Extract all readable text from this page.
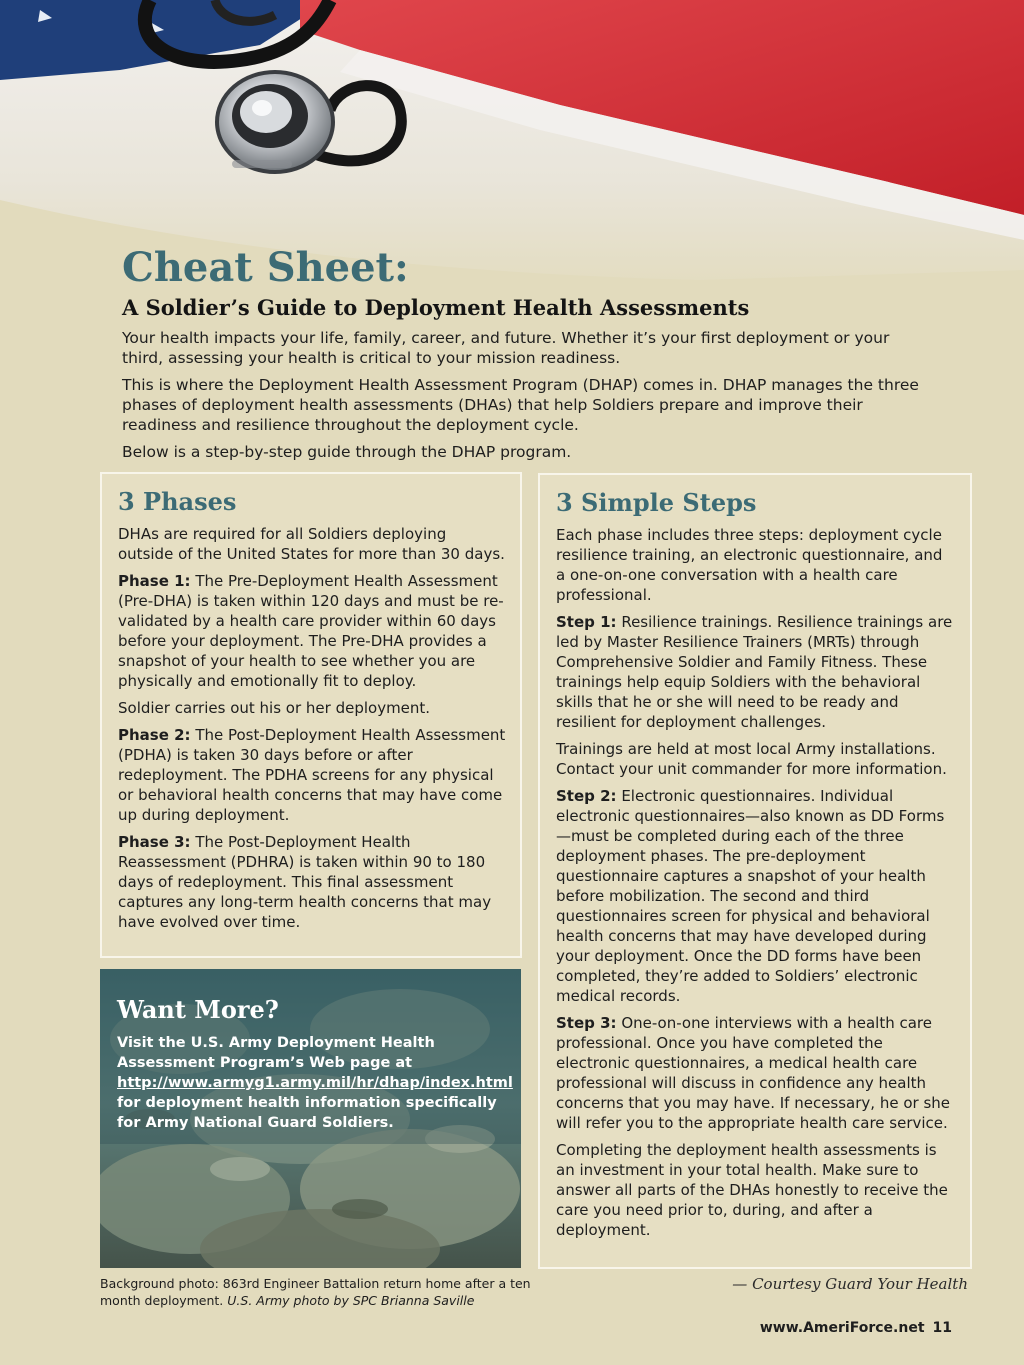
Cheat Sheet:
A Soldier’s Guide to Deployment Health Assessments

Your health impacts your life, family, career, and future. Whether it’s your first deployment or your third, assessing your health is critical to your mission readiness.

This is where the Deployment Health Assessment Program (DHAP) comes in. DHAP manages the three phases of deployment health assessments (DHAs) that help Soldiers prepare and improve their readiness and resilience throughout the deployment cycle.

Below is a step-by-step guide through the DHAP program.

3 Phases

DHAs are required for all Soldiers deploying outside of the United States for more than 30 days.

Phase 1: The Pre-Deployment Health Assessment (Pre-DHA) is taken within 120 days and must be re-validated by a health care provider within 60 days before your deployment. The Pre-DHA provides a snapshot of your health to see whether you are physically and emotionally fit to deploy.

Soldier carries out his or her deployment.

Phase 2: The Post-Deployment Health Assessment (PDHA) is taken 30 days before or after redeployment. The PDHA screens for any physical or behavioral health concerns that may have come up during deployment.

Phase 3: The Post-Deployment Health Reassessment (PDHRA) is taken within 90 to 180 days of redeployment. This final assessment captures any long-term health concerns that may have evolved over time.

3 Simple Steps

Each phase includes three steps: deployment cycle resilience training, an electronic questionnaire, and a one-on-one conversation with a health care professional.

Step 1: Resilience trainings. Resilience trainings are led by Master Resilience Trainers (MRTs) through Comprehensive Soldier and Family Fitness. These trainings help equip Soldiers with the behavioral skills that he or she will need to be ready and resilient for deployment challenges.

Trainings are held at most local Army installations. Contact your unit commander for more information.

Step 2: Electronic questionnaires. Individual electronic questionnaires—also known as DD Forms—must be completed during each of the three deployment phases. The pre-deployment questionnaire captures a snapshot of your health before mobilization. The second and third questionnaires screen for physical and behavioral health concerns that may have developed during your deployment. Once the DD forms have been completed, they’re added to Soldiers’ electronic medical records.

Step 3: One-on-one interviews with a health care professional. Once you have completed the electronic questionnaires, a medical health care professional will discuss in confidence any health concerns that you may have. If necessary, he or she will refer you to the appropriate health care service.

Completing the deployment health assessments is an investment in your total health. Make sure to answer all parts of the DHAs honestly to receive the care you need prior to, during, and after a deployment.

Want More?

Visit the U.S. Army Deployment Health Assessment Program’s Web page at http://www.armyg1.army.mil/hr/dhap/index.html for deployment health information specifically for Army National Guard Soldiers.

Background photo: 863rd Engineer Battalion return home after a ten month deployment. U.S. Army photo by SPC Brianna Saville
— Courtesy Guard Your Health
www.AmeriForce.net 11
